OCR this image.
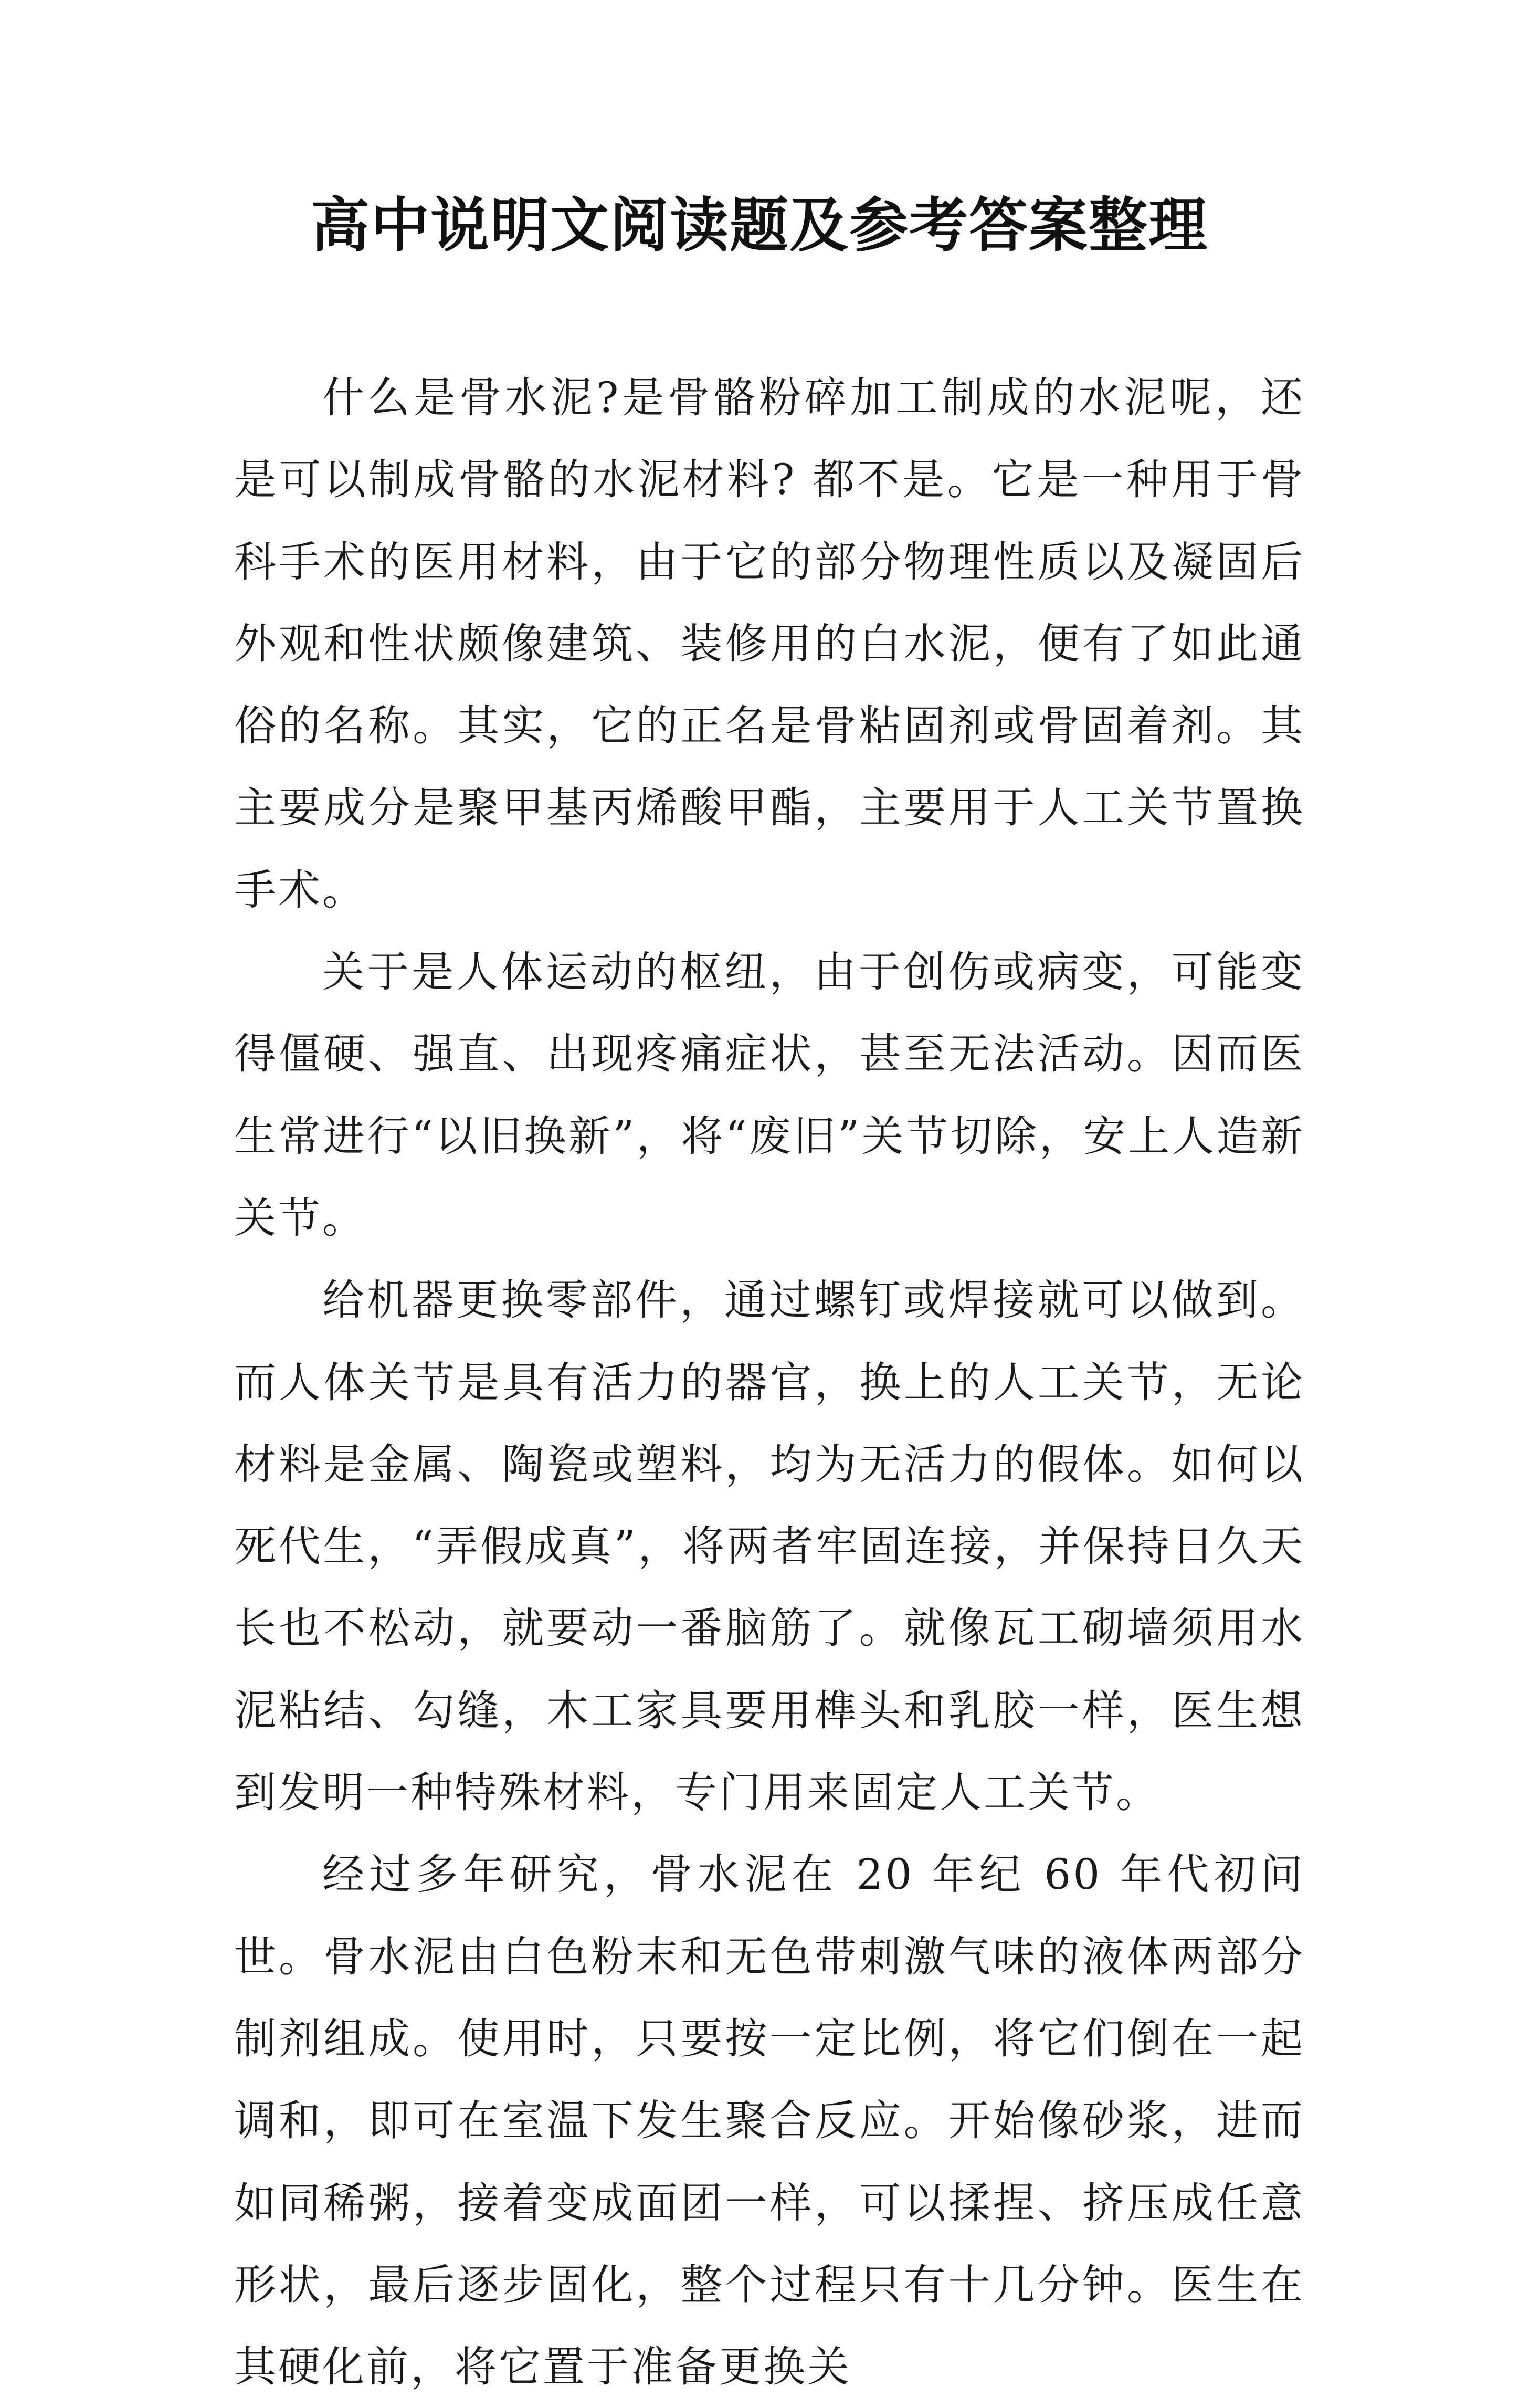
高中说明文阅读题及参考答案整理

什么是骨水泥?是骨骼粉碎加工制成的水泥呢，还是可以制成骨骼的水泥材料? 都不是。它是一种用于骨科手术的医用材料，由于它的部分物理性质以及凝固后外观和性状颇像建筑、装修用的白水泥，便有了如此通俗的名称。其实，它的正名是骨粘固剂或骨固着剂。其主要成分是聚甲基丙烯酸甲酯，主要用于人工关节置换手术。

关于是人体运动的枢纽，由于创伤或病变，可能变得僵硬、强直、出现疼痛症状，甚至无法活动。因而医生常进行“以旧换新”，将“废旧”关节切除，安上人造新关节。

给机器更换零部件，通过螺钉或焊接就可以做到。而人体关节是具有活力的器官，换上的人工关节，无论材料是金属、陶瓷或塑料，均为无活力的假体。如何以死代生，“弄假成真”，将两者牢固连接，并保持日久天长也不松动，就要动一番脑筋了。就像瓦工砌墙须用水泥粘结、勾缝，木工家具要用榫头和乳胶一样，医生想到发明一种特殊材料，专门用来固定人工关节。

经过多年研究，骨水泥在 20 年纪 60 年代初问世。骨水泥由白色粉末和无色带刺激气味的液体两部分制剂组成。使用时，只要按一定比例，将它们倒在一起调和，即可在室温下发生聚合反应。开始像砂浆，进而如同稀粥，接着变成面团一样，可以揉捏、挤压成任意形状，最后逐步固化，整个过程只有十几分钟。医生在其硬化前，将它置于准备更换关
